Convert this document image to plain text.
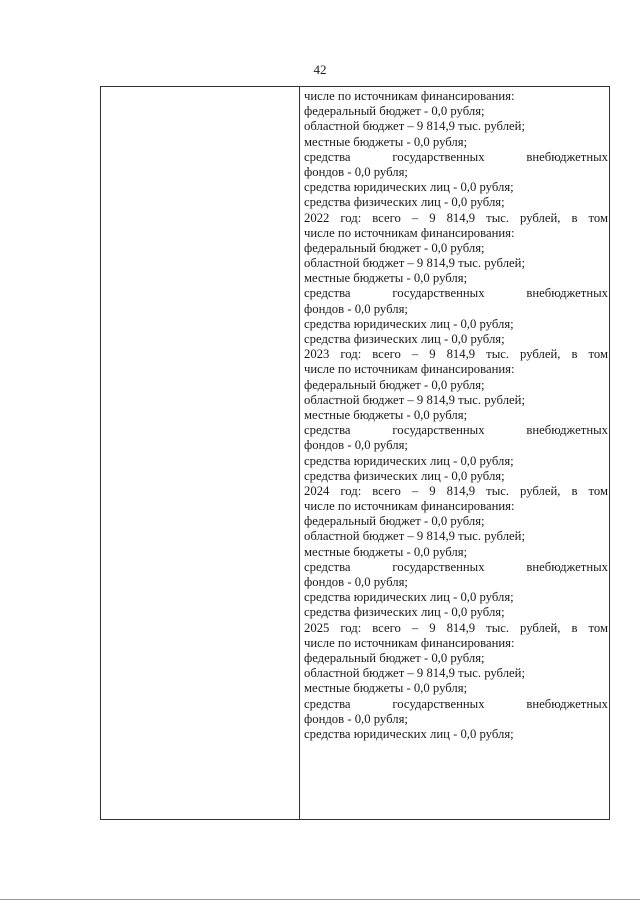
42
числе по источникам финансирования:
федеральный бюджет - 0,0 рубля;
областной бюджет – 9 814,9 тыс. рублей;
местные бюджеты - 0,0 рубля;
средства государственных внебюджетных
фондов - 0,0 рубля;
средства юридических лиц - 0,0 рубля;
средства физических лиц - 0,0 рубля;
2022 год: всего – 9 814,9 тыс. рублей, в том
числе по источникам финансирования:
федеральный бюджет - 0,0 рубля;
областной бюджет – 9 814,9 тыс. рублей;
местные бюджеты - 0,0 рубля;
средства государственных внебюджетных
фондов - 0,0 рубля;
средства юридических лиц - 0,0 рубля;
средства физических лиц - 0,0 рубля;
2023 год: всего – 9 814,9 тыс. рублей, в том
числе по источникам финансирования:
федеральный бюджет - 0,0 рубля;
областной бюджет – 9 814,9 тыс. рублей;
местные бюджеты - 0,0 рубля;
средства государственных внебюджетных
фондов - 0,0 рубля;
средства юридических лиц - 0,0 рубля;
средства физических лиц - 0,0 рубля;
2024 год: всего – 9 814,9 тыс. рублей, в том
числе по источникам финансирования:
федеральный бюджет - 0,0 рубля;
областной бюджет – 9 814,9 тыс. рублей;
местные бюджеты - 0,0 рубля;
средства государственных внебюджетных
фондов - 0,0 рубля;
средства юридических лиц - 0,0 рубля;
средства физических лиц - 0,0 рубля;
2025 год: всего – 9 814,9 тыс. рублей, в том
числе по источникам финансирования:
федеральный бюджет - 0,0 рубля;
областной бюджет – 9 814,9 тыс. рублей;
местные бюджеты - 0,0 рубля;
средства государственных внебюджетных
фондов - 0,0 рубля;
средства юридических лиц - 0,0 рубля;
